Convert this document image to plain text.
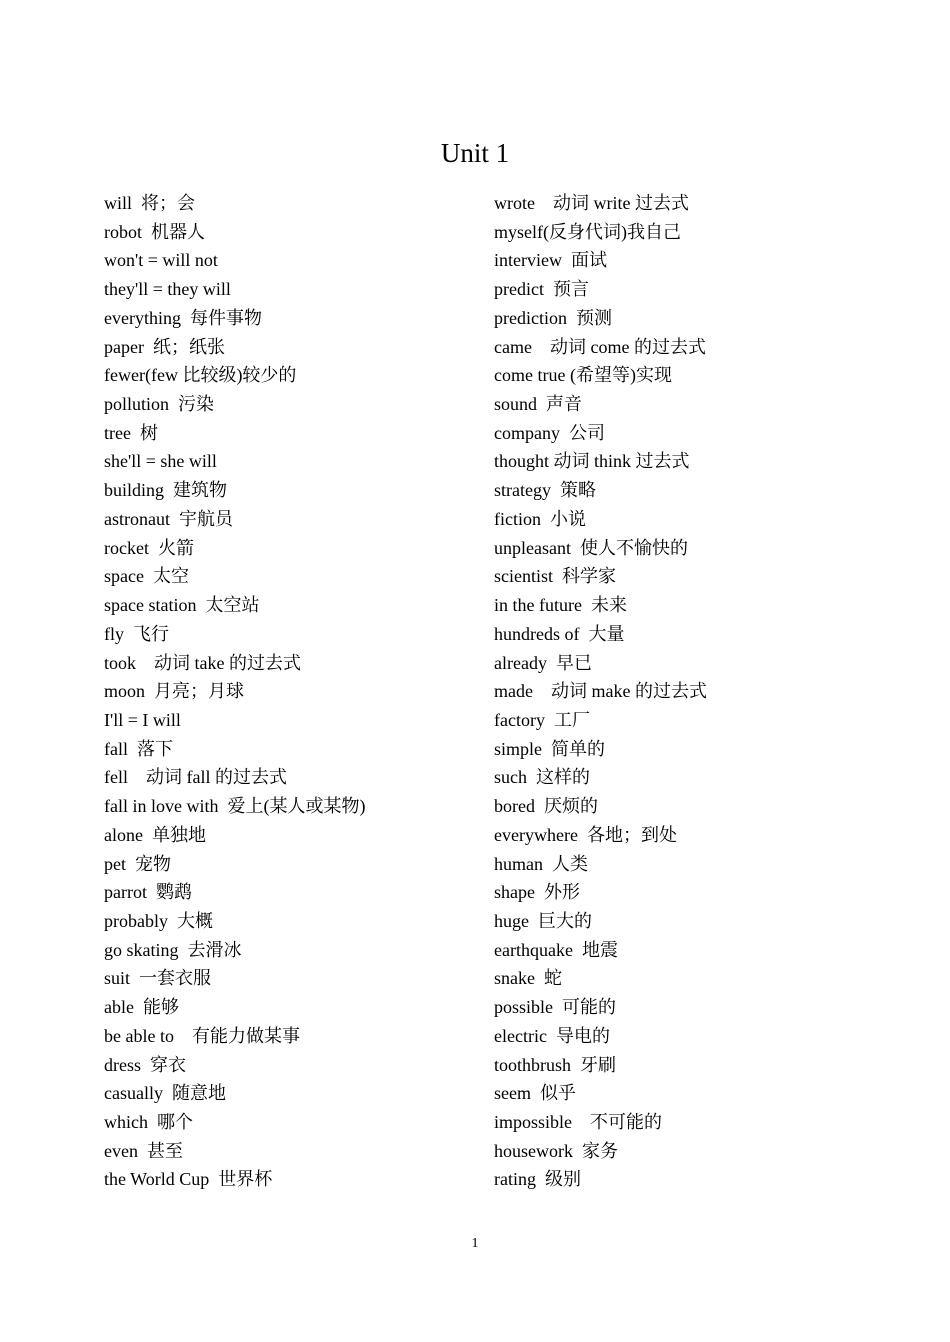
Unit 1
will  将；会
robot  机器人
won't = will not
they'll = they will
everything  每件事物
paper  纸；纸张
fewer(few 比较级)较少的
pollution  污染
tree  树
she'll = she will
building  建筑物
astronaut  宇航员
rocket  火箭
space  太空
space station  太空站
fly  飞行
took    动词 take 的过去式
moon  月亮；月球
I'll = I will
fall  落下
fell    动词 fall 的过去式
fall in love with  爱上(某人或某物)
alone  单独地
pet  宠物
parrot  鹦鹉
probably  大概
go skating  去滑冰
suit  一套衣服
able  能够
be able to    有能力做某事
dress  穿衣
casually  随意地
which  哪个
even  甚至
the World Cup  世界杯
wrote    动词 write 过去式
myself(反身代词)我自己
interview  面试
predict  预言
prediction  预测
came    动词 come 的过去式
come true (希望等)实现
sound  声音
company  公司
thought 动词 think 过去式
strategy  策略
fiction  小说
unpleasant  使人不愉快的
scientist  科学家
in the future  未来
hundreds of  大量
already  早已
made    动词 make 的过去式
factory  工厂
simple  简单的
such  这样的
bored  厌烦的
everywhere  各地；到处
human  人类
shape  外形
huge  巨大的
earthquake  地震
snake  蛇
possible  可能的
electric  导电的
toothbrush  牙刷
seem  似乎
impossible    不可能的
housework  家务
rating  级别
1
